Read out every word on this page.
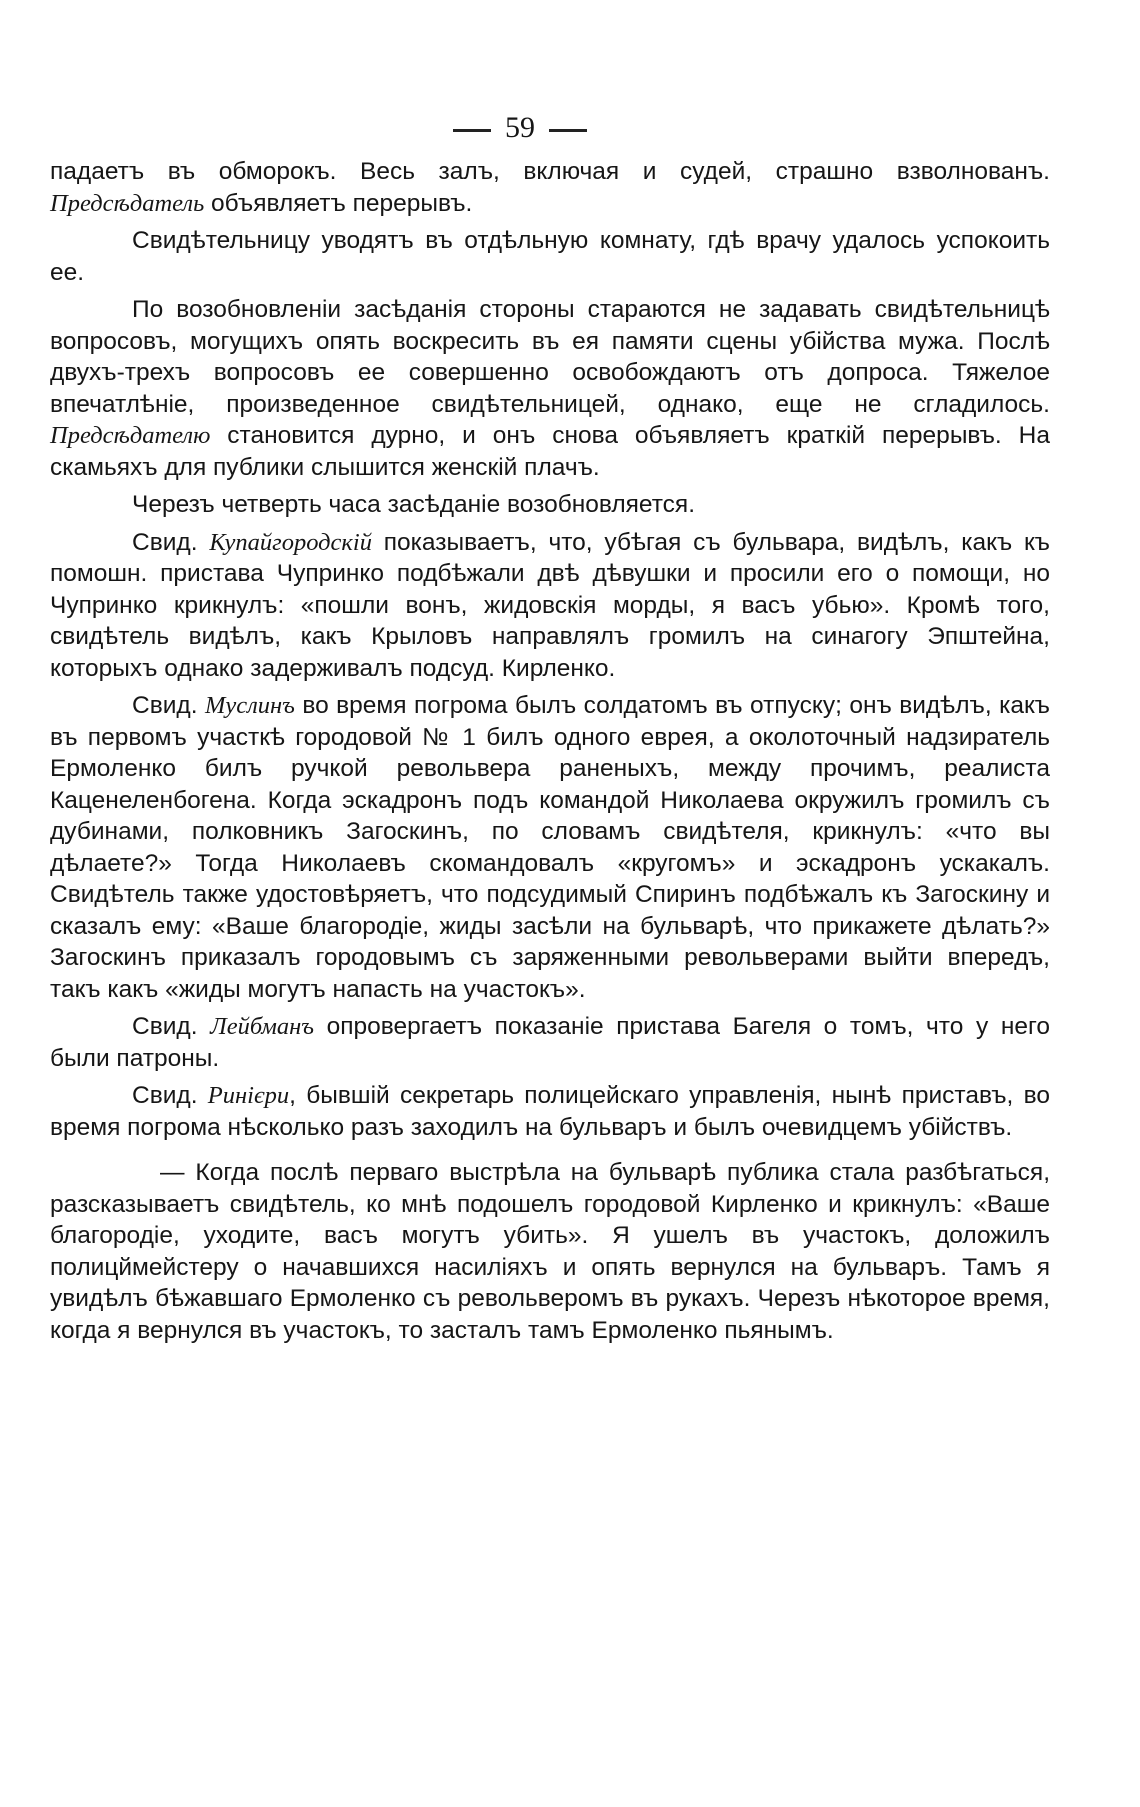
59

падаетъ въ обморокъ. Весь залъ, включая и судей, страшно взволнованъ. Предсѣдатель объявляетъ перерывъ.

Свидѣтельницу уводятъ въ отдѣльную комнату, гдѣ врачу удалось успокоить ее.

По возобновленіи засѣданія стороны стараются не задавать свидѣтельницѣ вопросовъ, могущихъ опять воскресить въ ея памяти сцены убійства мужа. Послѣ двухъ-трехъ вопросовъ ее совершенно освобождаютъ отъ допроса. Тяжелое впечатлѣніе, произведенное свидѣтельницей, однако, еще не сгладилось. Предсѣдателю становится дурно, и онъ снова объявляетъ краткій перерывъ. На скамьяхъ для публики слышится женскій плачъ.

Черезъ четверть часа засѣданіе возобновляется.

Свид. Купайгородскій показываетъ, что, убѣгая съ бульвара, видѣлъ, какъ къ помошн. пристава Чупринко подбѣжали двѣ дѣвушки и просили его о помощи, но Чупринко крикнулъ: «пошли вонъ, жидовскія морды, я васъ убью». Кромѣ того, свидѣтель видѣлъ, какъ Крыловъ направлялъ громилъ на синагогу Эпштейна, которыхъ однако задерживалъ подсуд. Кирленко.

Свид. Муслинъ во время погрома былъ солдатомъ въ отпуску; онъ видѣлъ, какъ въ первомъ участкѣ городовой № 1 билъ одного еврея, а околоточный надзиратель Ермоленко билъ ручкой револьвера раненыхъ, между прочимъ, реалиста Каценеленбогена. Когда эскадронъ подъ командой Николаева окружилъ громилъ съ дубинами, полковникъ Загоскинъ, по словамъ свидѣтеля, крикнулъ: «что вы дѣлаете?» Тогда Николаевъ скомандовалъ «кругомъ» и эскадронъ ускакалъ. Свидѣтель также удостовѣряетъ, что подсудимый Спиринъ подбѣжалъ къ Загоскину и сказалъ ему: «Ваше благородіе, жиды засѣли на бульварѣ, что прикажете дѣлать?» Загоскинъ приказалъ городовымъ съ заряженными револьверами выйти впередъ, такъ какъ «жиды могутъ напасть на участокъ».

Свид. Лейбманъ опровергаетъ показаніе пристава Багеля о томъ, что у него были патроны.

Свид. Ринієри, бывшій секретарь полицейскаго управленія, нынѣ приставъ, во время погрома нѣсколько разъ заходилъ на бульваръ и былъ очевидцемъ убійствъ.

— Когда послѣ перваго выстрѣла на бульварѣ публика стала разбѣгаться, разсказываетъ свидѣтель, ко мнѣ подошелъ городовой Кирленко и крикнулъ: «Ваше благородіе, уходите, васъ могутъ убить». Я ушелъ въ участокъ, доложилъ полицймейстеру о начавшихся насиліяхъ и опять вернулся на бульваръ. Тамъ я увидѣлъ бѣжавшаго Ермоленко съ револьверомъ въ рукахъ. Черезъ нѣкоторое время, когда я вернулся въ участокъ, то засталъ тамъ Ермоленко пьянымъ.
